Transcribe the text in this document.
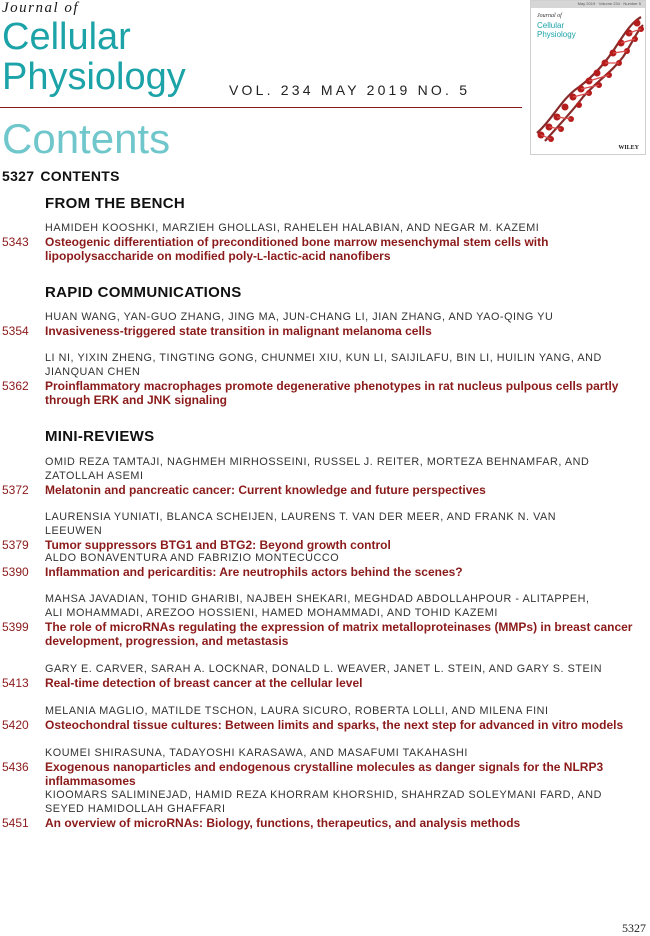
Journal of
Cellular
Physiology	VOL. 234 MAY 2019 NO. 5
Contents
May 2019 · Volume 234 · Number 5
Journal of
Cellular
Physiology
WILEY
5327 CONTENTS
FROM THE BENCH
HAMIDEH KOOSHKI, MARZIEH GHOLLASI, RAHELEH HALABIAN, AND NEGAR M. KAZEMI
5343 Osteogenic differentiation of preconditioned bone marrow mesenchymal stem cells with lipopolysaccharide on modified poly-L-lactic-acid nanofibers
RAPID COMMUNICATIONS
HUAN WANG, YAN-GUO ZHANG, JING MA, JUN-CHANG LI, JIAN ZHANG, AND YAO-QING YU
5354 Invasiveness-triggered state transition in malignant melanoma cells
LI NI, YIXIN ZHENG, TINGTING GONG, CHUNMEI XIU, KUN LI, SAIJILAFU, BIN LI, HUILIN YANG, AND JIANQUAN CHEN
5362 Proinflammatory macrophages promote degenerative phenotypes in rat nucleus pulpous cells partly through ERK and JNK signaling
MINI-REVIEWS
OMID REZA TAMTAJI, NAGHMEH MIRHOSSEINI, RUSSEL J. REITER, MORTEZA BEHNAMFAR, AND ZATOLLAH ASEMI
5372 Melatonin and pancreatic cancer: Current knowledge and future perspectives
LAURENSIA YUNIATI, BLANCA SCHEIJEN, LAURENS T. VAN DER MEER, AND FRANK N. VAN LEEUWEN
5379 Tumor suppressors BTG1 and BTG2: Beyond growth control
ALDO BONAVENTURA AND FABRIZIO MONTECUCCO
5390 Inflammation and pericarditis: Are neutrophils actors behind the scenes?
MAHSA JAVADIAN, TOHID GHARIBI, NAJBEH SHEKARI, MEGHDAD ABDOLLAHPOUR - ALITAPPEH, ALI MOHAMMADI, AREZOO HOSSIENI, HAMED MOHAMMADI, AND TOHID KAZEMI
5399 The role of microRNAs regulating the expression of matrix metalloproteinases (MMPs) in breast cancer development, progression, and metastasis
GARY E. CARVER, SARAH A. LOCKNAR, DONALD L. WEAVER, JANET L. STEIN, AND GARY S. STEIN
5413 Real-time detection of breast cancer at the cellular level
MELANIA MAGLIO, MATILDE TSCHON, LAURA SICURO, ROBERTA LOLLI, AND MILENA FINI
5420 Osteochondral tissue cultures: Between limits and sparks, the next step for advanced in vitro models
KOUMEI SHIRASUNA, TADAYOSHI KARASAWA, AND MASAFUMI TAKAHASHI
5436 Exogenous nanoparticles and endogenous crystalline molecules as danger signals for the NLRP3 inflammasomes
KIOOMARS SALIMINEJAD, HAMID REZA KHORRAM KHORSHID, SHAHRZAD SOLEYMANI FARD, AND SEYED HAMIDOLLAH GHAFFARI
5451 An overview of microRNAs: Biology, functions, therapeutics, and analysis methods
5327
